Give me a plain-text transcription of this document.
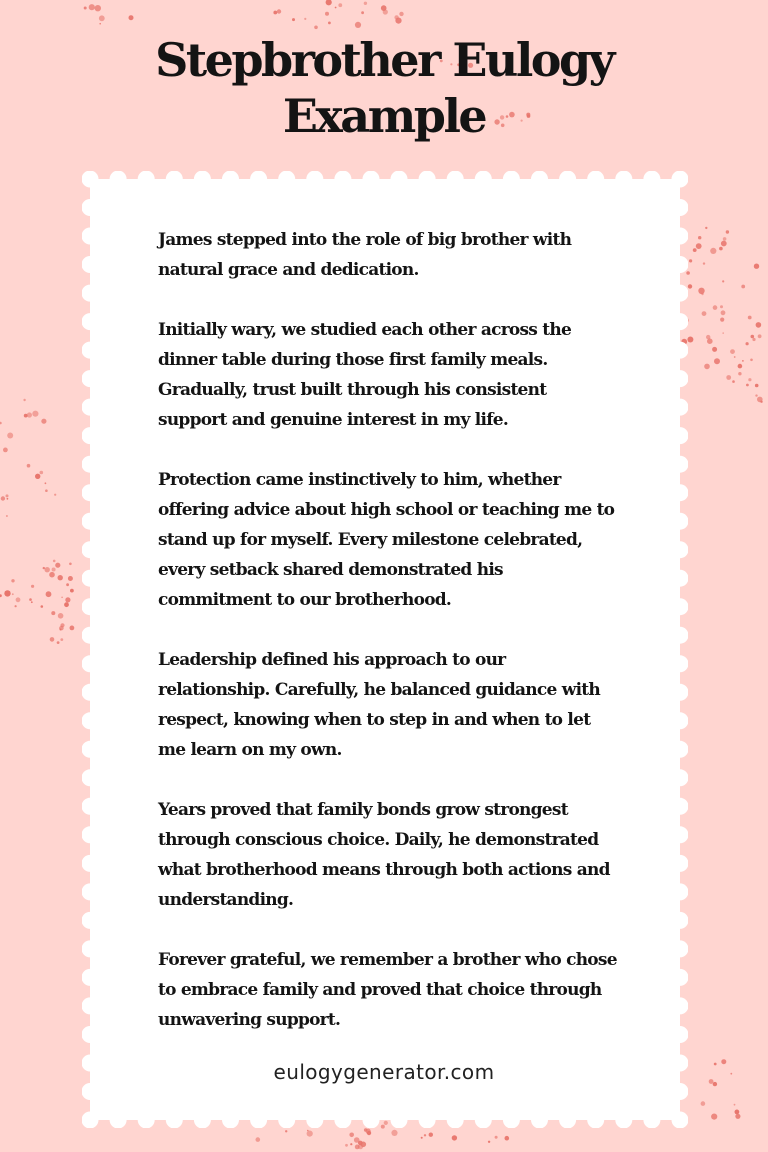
Stepbrother Eulogy
Example

James stepped into the role of big brother with natural grace and dedication.

Initially wary, we studied each other across the dinner table during those first family meals. Gradually, trust built through his consistent support and genuine interest in my life.

Protection came instinctively to him, whether offering advice about high school or teaching me to stand up for myself. Every milestone celebrated, every setback shared demonstrated his commitment to our brotherhood.

Leadership defined his approach to our relationship. Carefully, he balanced guidance with respect, knowing when to step in and when to let me learn on my own.

Years proved that family bonds grow strongest through conscious choice. Daily, he demonstrated what brotherhood means through both actions and understanding.

Forever grateful, we remember a brother who chose to embrace family and proved that choice through unwavering support.

eulogygenerator.com
